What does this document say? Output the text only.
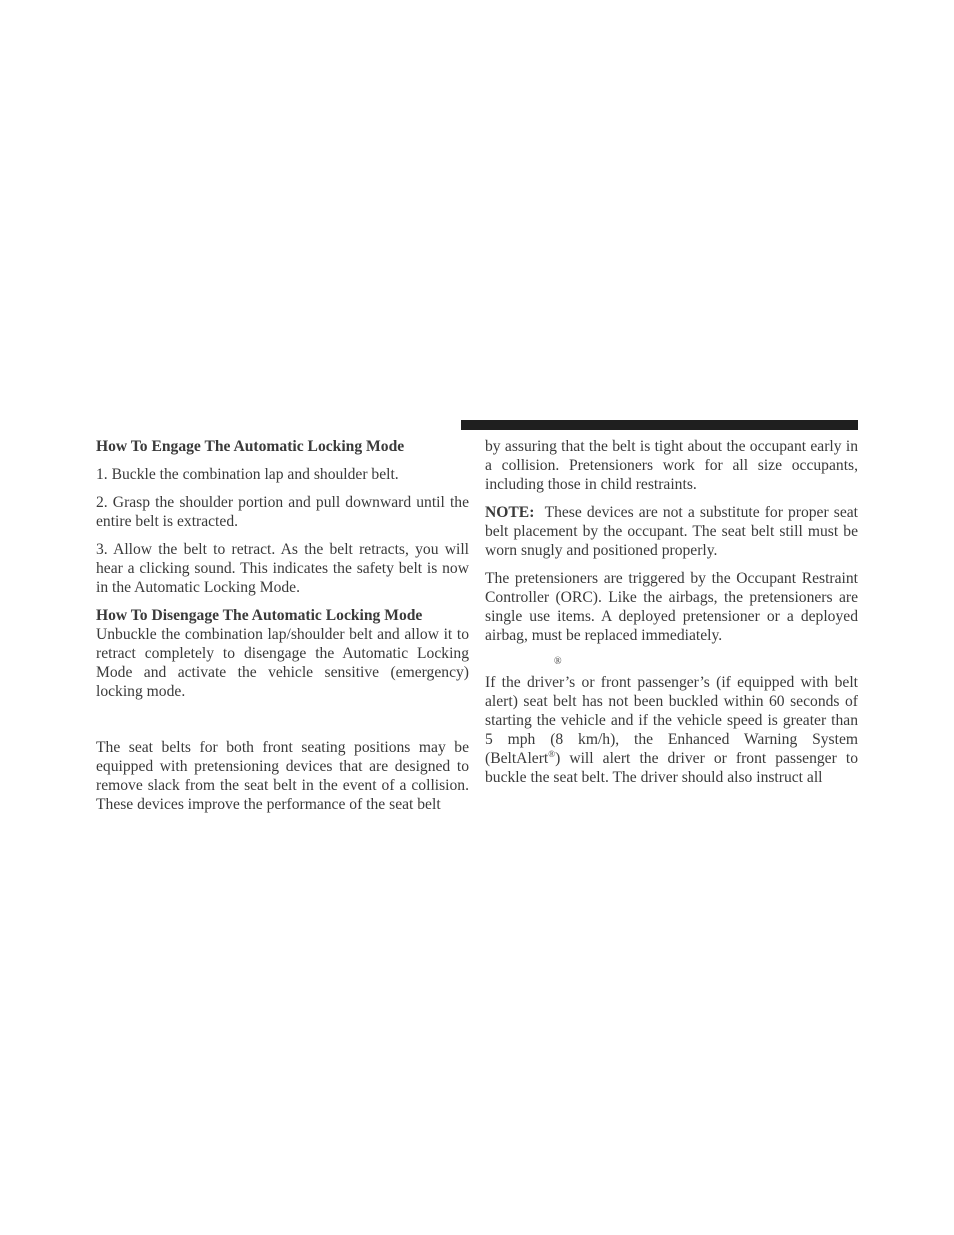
How To Engage The Automatic Locking Mode

1. Buckle the combination lap and shoulder belt.

2. Grasp the shoulder portion and pull downward until the entire belt is extracted.

3. Allow the belt to retract. As the belt retracts, you will hear a clicking sound. This indicates the safety belt is now in the Automatic Locking Mode.

How To Disengage The Automatic Locking Mode

Unbuckle the combination lap/shoulder belt and allow it to retract completely to disengage the Automatic Locking Mode and activate the vehicle sensitive (emergency) locking mode.

The seat belts for both front seating positions may be equipped with pretensioning devices that are designed to remove slack from the seat belt in the event of a collision. These devices improve the performance of the seat belt

by assuring that the belt is tight about the occupant early in a collision. Pretensioners work for all size occupants, including those in child restraints.

NOTE: These devices are not a substitute for proper seat belt placement by the occupant. The seat belt still must be worn snugly and positioned properly.

The pretensioners are triggered by the Occupant Restraint Controller (ORC). Like the airbags, the pretensioners are single use items. A deployed pretensioner or a deployed airbag, must be replaced immediately.

®

If the driver’s or front passenger’s (if equipped with belt alert) seat belt has not been buckled within 60 seconds of starting the vehicle and if the vehicle speed is greater than 5 mph (8 km/h), the Enhanced Warning System (BeltAlert®) will alert the driver or front passenger to buckle the seat belt. The driver should also instruct all
